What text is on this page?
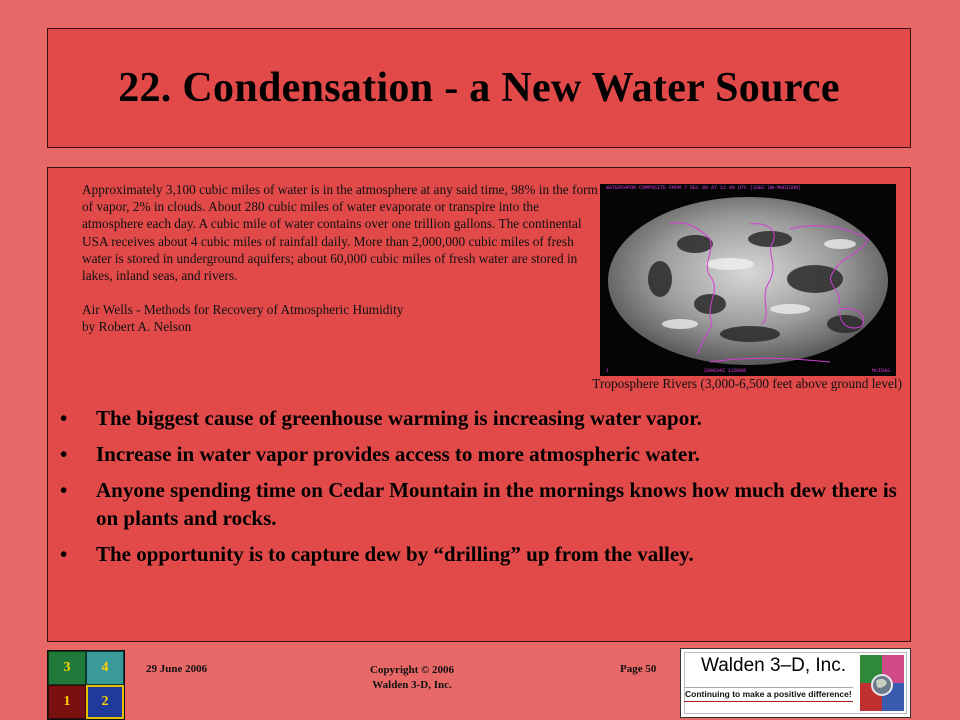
22. Condensation - a New Water Source

Approximately 3,100 cubic miles of water is in the atmosphere at any said time, 98% in the form of vapor, 2% in clouds. About 280 cubic miles of water evaporate or transpire into the atmosphere each day. A cubic mile of water contains over one trillion gallons. The continental USA receives about 4 cubic miles of rainfall daily. More than 2,000,000 cubic miles of fresh water is stored in underground aquifers; about 60,000 cubic miles of fresh water are stored in lakes, inland seas, and rivers.

Air Wells - Methods for Recovery of Atmospheric Humidity

by Robert A. Nelson

WATERVAPOR COMPOSITE FROM 7 DEC 00 AT 12 00 UTC (SSEC UW-MADISON)
1	2000342 120000	McIDAS
Troposphere Rivers (3,000-6,500 feet above ground level)
•	The biggest cause of greenhouse warming is increasing water vapor.
•	Increase in water vapor provides access to more atmospheric water.
•	Anyone spending time on Cedar Mountain in the mornings knows how much dew there is on plants and rocks.
•	The opportunity is to capture dew by “drilling” up from the valley.
3	4
1	2
29 June 2006	Copyright © 2006
Walden 3-D, Inc.
Page 50 Walden 3–D, Inc.
Continuing to make a positive difference!
